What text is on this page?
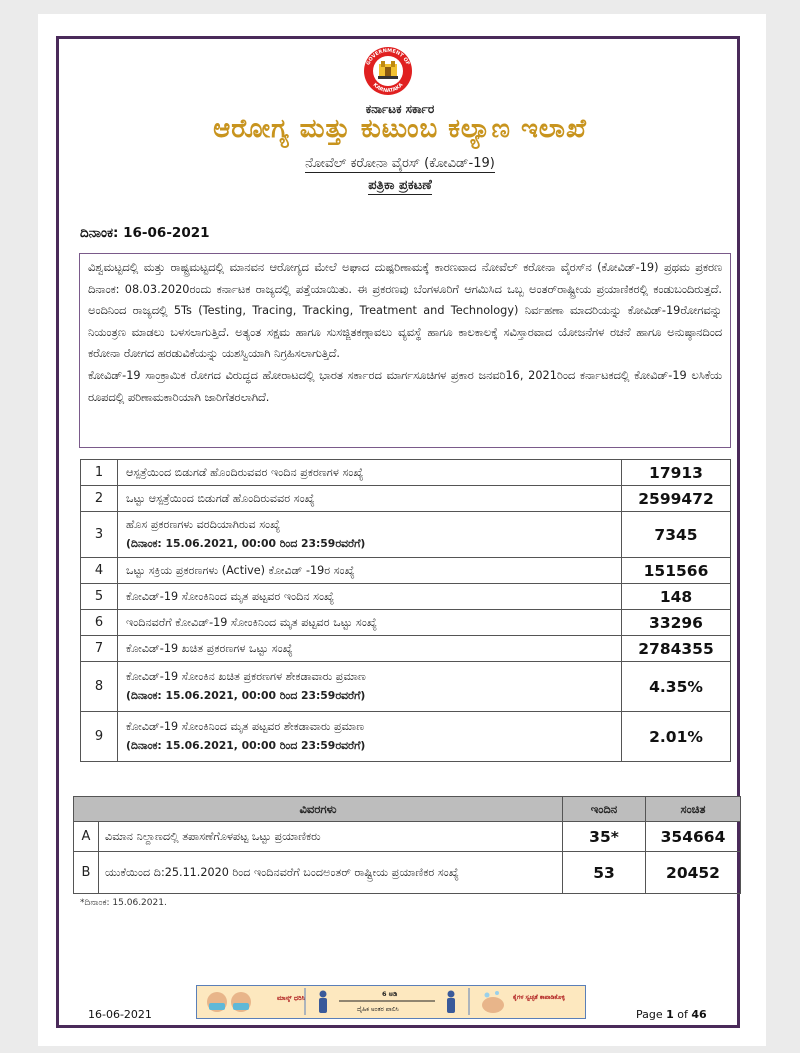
GOVERNMENT OF
KARNATAKA
ಕರ್ನಾಟಕ ಸರ್ಕಾರ
ಆರೋಗ್ಯ ಮತ್ತು ಕುಟುಂಬ ಕಲ್ಯಾಣ ಇಲಾಖೆ
ನೋವೆಲ್ ಕರೋನಾ ವೈರಸ್ (ಕೋವಿಡ್-19)
ಪತ್ರಿಕಾ ಪ್ರಕಟಣೆ
ದಿನಾಂಕ: 16-06-2021

ವಿಶ್ವಮಟ್ಟದಲ್ಲಿ ಮತ್ತು ರಾಷ್ಟ್ರಮಟ್ಟದಲ್ಲಿ ಮಾನವನ ಆರೋಗ್ಯದ ಮೇಲೆ ಅಘಾದ ದುಷ್ಪರಿಣಾಮಕ್ಕೆ ಕಾರಣವಾದ ನೋವೆಲ್ ಕರೋನಾ ವೈರಸ್‌ನ (ಕೋವಿಡ್-19) ಪ್ರಥಮ ಪ್ರಕರಣ ದಿನಾಂಕ: 08.03.2020ರಂದು ಕರ್ನಾಟಕ ರಾಜ್ಯದಲ್ಲಿ ಪತ್ತೆಯಾಯಿತು. ಈ ಪ್ರಕರಣವು ಬೆಂಗಳೂರಿಗೆ ಆಗಮಿಸಿದ ಒಬ್ಬ ಅಂತರ್‌ರಾಷ್ಟ್ರೀಯ ಪ್ರಯಾಣಿಕರಲ್ಲಿ ಕಂಡುಬಂದಿರುತ್ತದೆ. ಅಂದಿನಿಂದ ರಾಜ್ಯದಲ್ಲಿ 5Ts (Testing, Tracing, Tracking, Treatment and Technology) ನಿರ್ವಹಣಾ ಮಾದರಿಯನ್ನು ಕೋವಿಡ್-19ರೋಗವನ್ನು ನಿಯಂತ್ರಣ ಮಾಡಲು ಬಳಸಲಾಗುತ್ತಿದೆ. ಅತ್ಯಂತ ಸಕ್ಷಮ ಹಾಗೂ ಸುಸಜ್ಜಿತಕಣ್ಗಾವಲು ವ್ಯವಸ್ಥೆ ಹಾಗೂ ಕಾಲಕಾಲಕ್ಕೆ ಸವಿಸ್ತಾರವಾದ ಯೋಜನೆಗಳ ರಚನೆ ಹಾಗೂ ಅನುಷ್ಠಾನದಿಂದ ಕರೋನಾ ರೋಗದ ಹರಡುವಿಕೆಯನ್ನು ಯಶಸ್ವಿಯಾಗಿ ನಿಗ್ರಹಿಸಲಾಗುತ್ತಿದೆ.

ಕೋವಿಡ್-19 ಸಾಂಕ್ರಾಮಿಕ ರೋಗದ ವಿರುದ್ಧದ ಹೋರಾಟದಲ್ಲಿ ಭಾರತ ಸರ್ಕಾರದ ಮಾರ್ಗಸೂಚಿಗಳ ಪ್ರಕಾರ ಜನವರಿ16, 2021ರಿಂದ ಕರ್ನಾಟಕದಲ್ಲಿ ಕೋವಿಡ್-19 ಲಸಿಕೆಯ ರೂಪದಲ್ಲಿ ಪರಿಣಾಮಕಾರಿಯಾಗಿ ಜಾರಿಗೆತರಲಾಗಿದೆ.

1	ಆಸ್ಪತ್ರೆಯಿಂದ ಬಿಡುಗಡೆ ಹೊಂದಿರುವವರ ಇಂದಿನ ಪ್ರಕರಣಗಳ ಸಂಖ್ಯೆ	17913
2	ಒಟ್ಟು ಆಸ್ಪತ್ರೆಯಿಂದ ಬಿಡುಗಡೆ ಹೊಂದಿರುವವರ ಸಂಖ್ಯೆ	2599472
3	ಹೊಸ ಪ್ರಕರಣಗಳು ವರದಿಯಾಗಿರುವ ಸಂಖ್ಯೆ
(ದಿನಾಂಕ: 15.06.2021, 00:00 ರಿಂದ 23:59ರವರೆಗೆ)	7345
4	ಒಟ್ಟು ಸಕ್ರಿಯ ಪ್ರಕರಣಗಳು (Active) ಕೋವಿಡ್ -19ರ ಸಂಖ್ಯೆ	151566
5	ಕೋವಿಡ್-19 ಸೋಂಕಿನಿಂದ ಮೃತ ಪಟ್ಟವರ ಇಂದಿನ ಸಂಖ್ಯೆ	148
6	ಇಂದಿನವರೆಗೆ ಕೋವಿಡ್-19 ಸೋಂಕಿನಿಂದ ಮೃತ ಪಟ್ಟವರ ಒಟ್ಟು ಸಂಖ್ಯೆ	33296
7	ಕೋವಿಡ್-19 ಖಚಿತ ಪ್ರಕರಣಗಳ ಒಟ್ಟು ಸಂಖ್ಯೆ	2784355
8	ಕೋವಿಡ್-19 ಸೋಂಕಿನ ಖಚಿತ ಪ್ರಕರಣಗಳ ಶೇಕಡಾವಾರು ಪ್ರಮಾಣ
(ದಿನಾಂಕ: 15.06.2021, 00:00 ರಿಂದ 23:59ರವರೆಗೆ)	4.35%
9	ಕೋವಿಡ್-19 ಸೋಂಕಿನಿಂದ ಮೃತ ಪಟ್ಟವರ ಶೇಕಡಾವಾರು ಪ್ರಮಾಣ
(ದಿನಾಂಕ: 15.06.2021, 00:00 ರಿಂದ 23:59ರವರೆಗೆ)	2.01%
ವಿವರಗಳು		ಇಂದಿನ	ಸಂಚಿತ
A	ವಿಮಾನ ನಿಲ್ದಾಣದಲ್ಲಿ ತಪಾಸಣೆಗೊಳಪಟ್ಟ ಒಟ್ಟು ಪ್ರಯಾಣಿಕರು	35*	354664
B	ಯುಕೆಯಿಂದ ದಿ:25.11.2020 ರಿಂದ ಇಂದಿನವರೆಗೆ ಬಂದಅಂತರ್ ರಾಷ್ಟ್ರೀಯ ಪ್ರಯಾಣಿಕರ ಸಂಖ್ಯೆ	53	20452
*ದಿನಾಂಕ: 15.06.2021.
16-06-2021
ಮಾಸ್ಕ್ ಧರಿಸಿ	6 ಅಡಿ
ದೈಹಿಕ ಅಂತರ ಪಾಲಿಸಿ
ಕೈಗಳ ಸ್ವಚ್ಛತೆ ಕಾಪಾಡಿಕೊಳ್ಳಿ
Page 1 of 46
